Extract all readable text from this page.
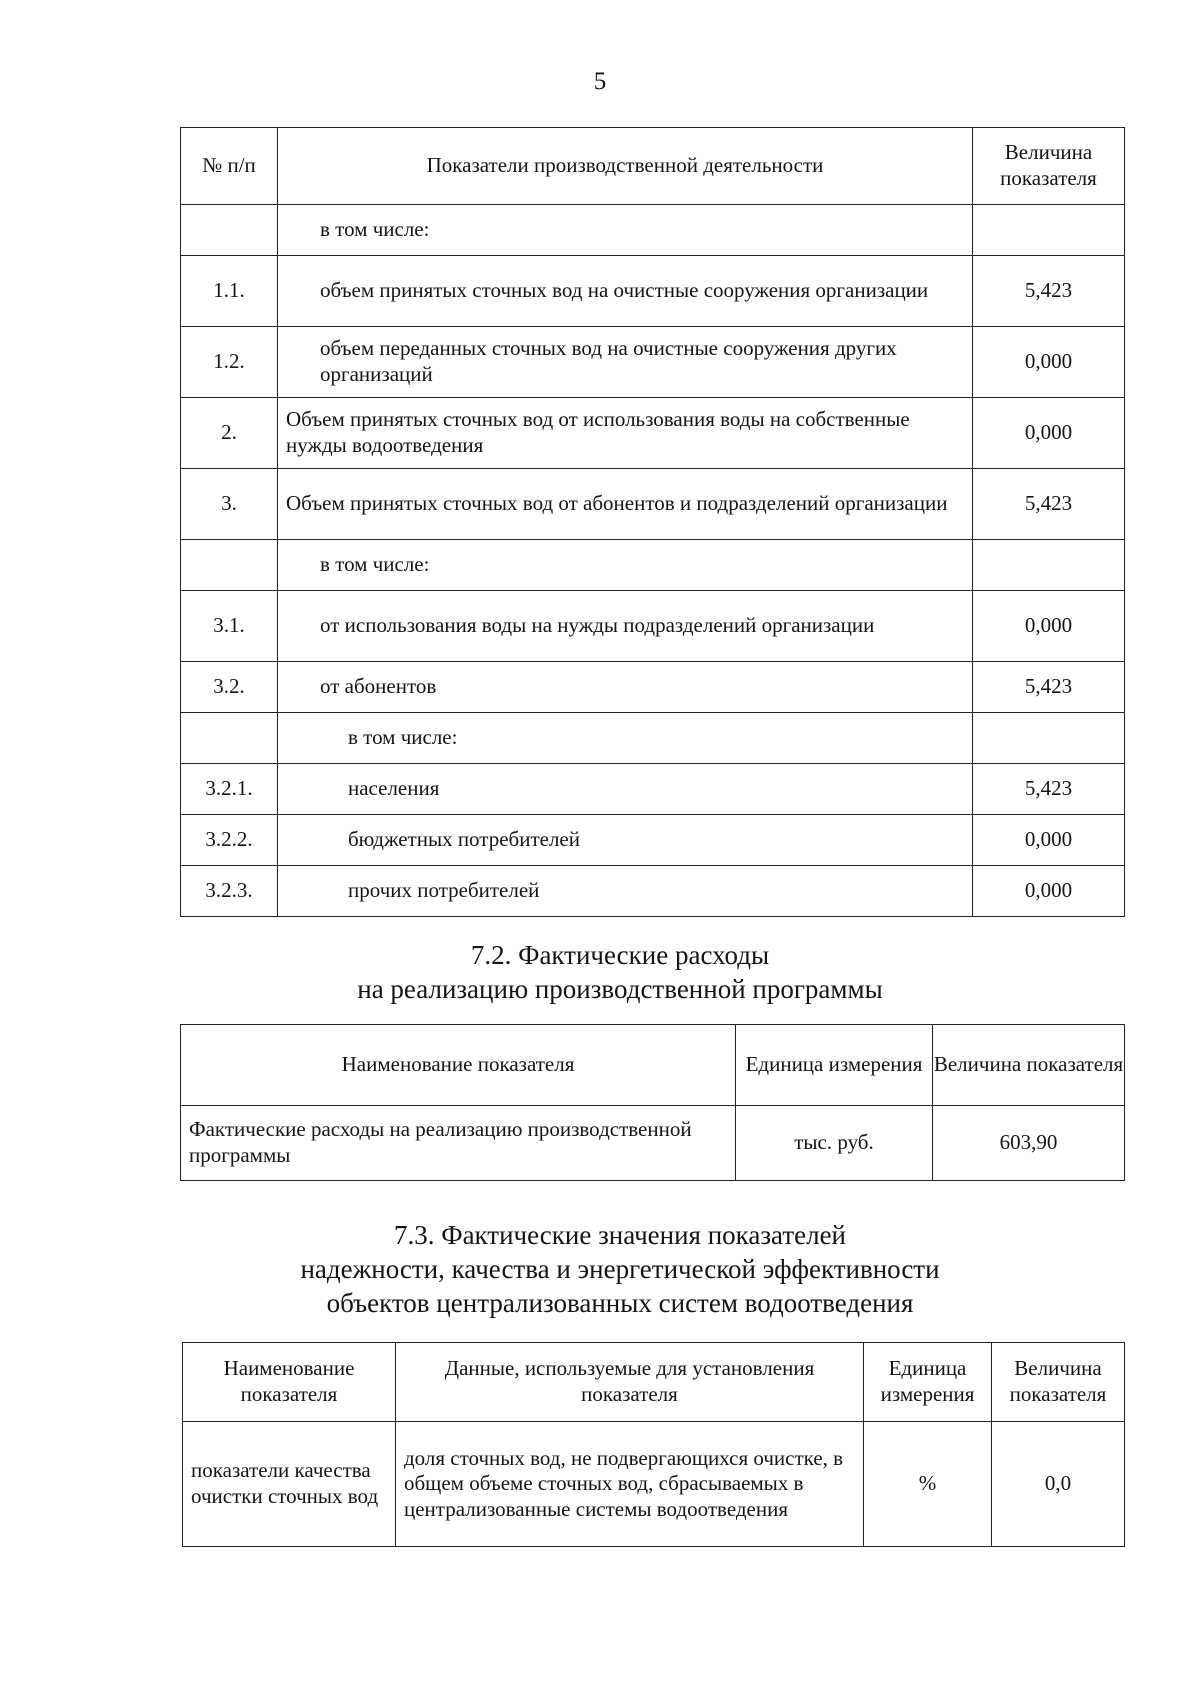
5
№ п/п	Показатели производственной деятельности	Величина показателя
	в том числе:	
1.1.	объем принятых сточных вод на очистные сооружения организации	5,423
1.2.	объем переданных сточных вод на очистные сооружения других организаций	0,000
2.	Объем принятых сточных вод от использования воды на собственные нужды водоотведения	0,000
3.	Объем принятых сточных вод от абонентов и подразделений организации	5,423
	в том числе:	
3.1.	от использования воды на нужды подразделений организации	0,000
3.2.	от абонентов	5,423
	в том числе:	
3.2.1.	населения	5,423
3.2.2.	бюджетных потребителей	0,000
3.2.3.	прочих потребителей	0,000
7.2. Фактические расходы
на реализацию производственной программы
Наименование показателя	Единица измерения	Величина показателя
Фактические расходы на реализацию производственной программы	тыс. руб.	603,90
7.3. Фактические значения показателей
надежности, качества и энергетической эффективности
объектов централизованных систем водоотведения
Наименование показателя	Данные, используемые для установления показателя	Единица измерения	Величина показателя
показатели качества очистки сточных вод	доля сточных вод, не подвергающихся очистке, в общем объеме сточных вод, сбрасываемых в централизованные системы водоотведения	%	0,0
